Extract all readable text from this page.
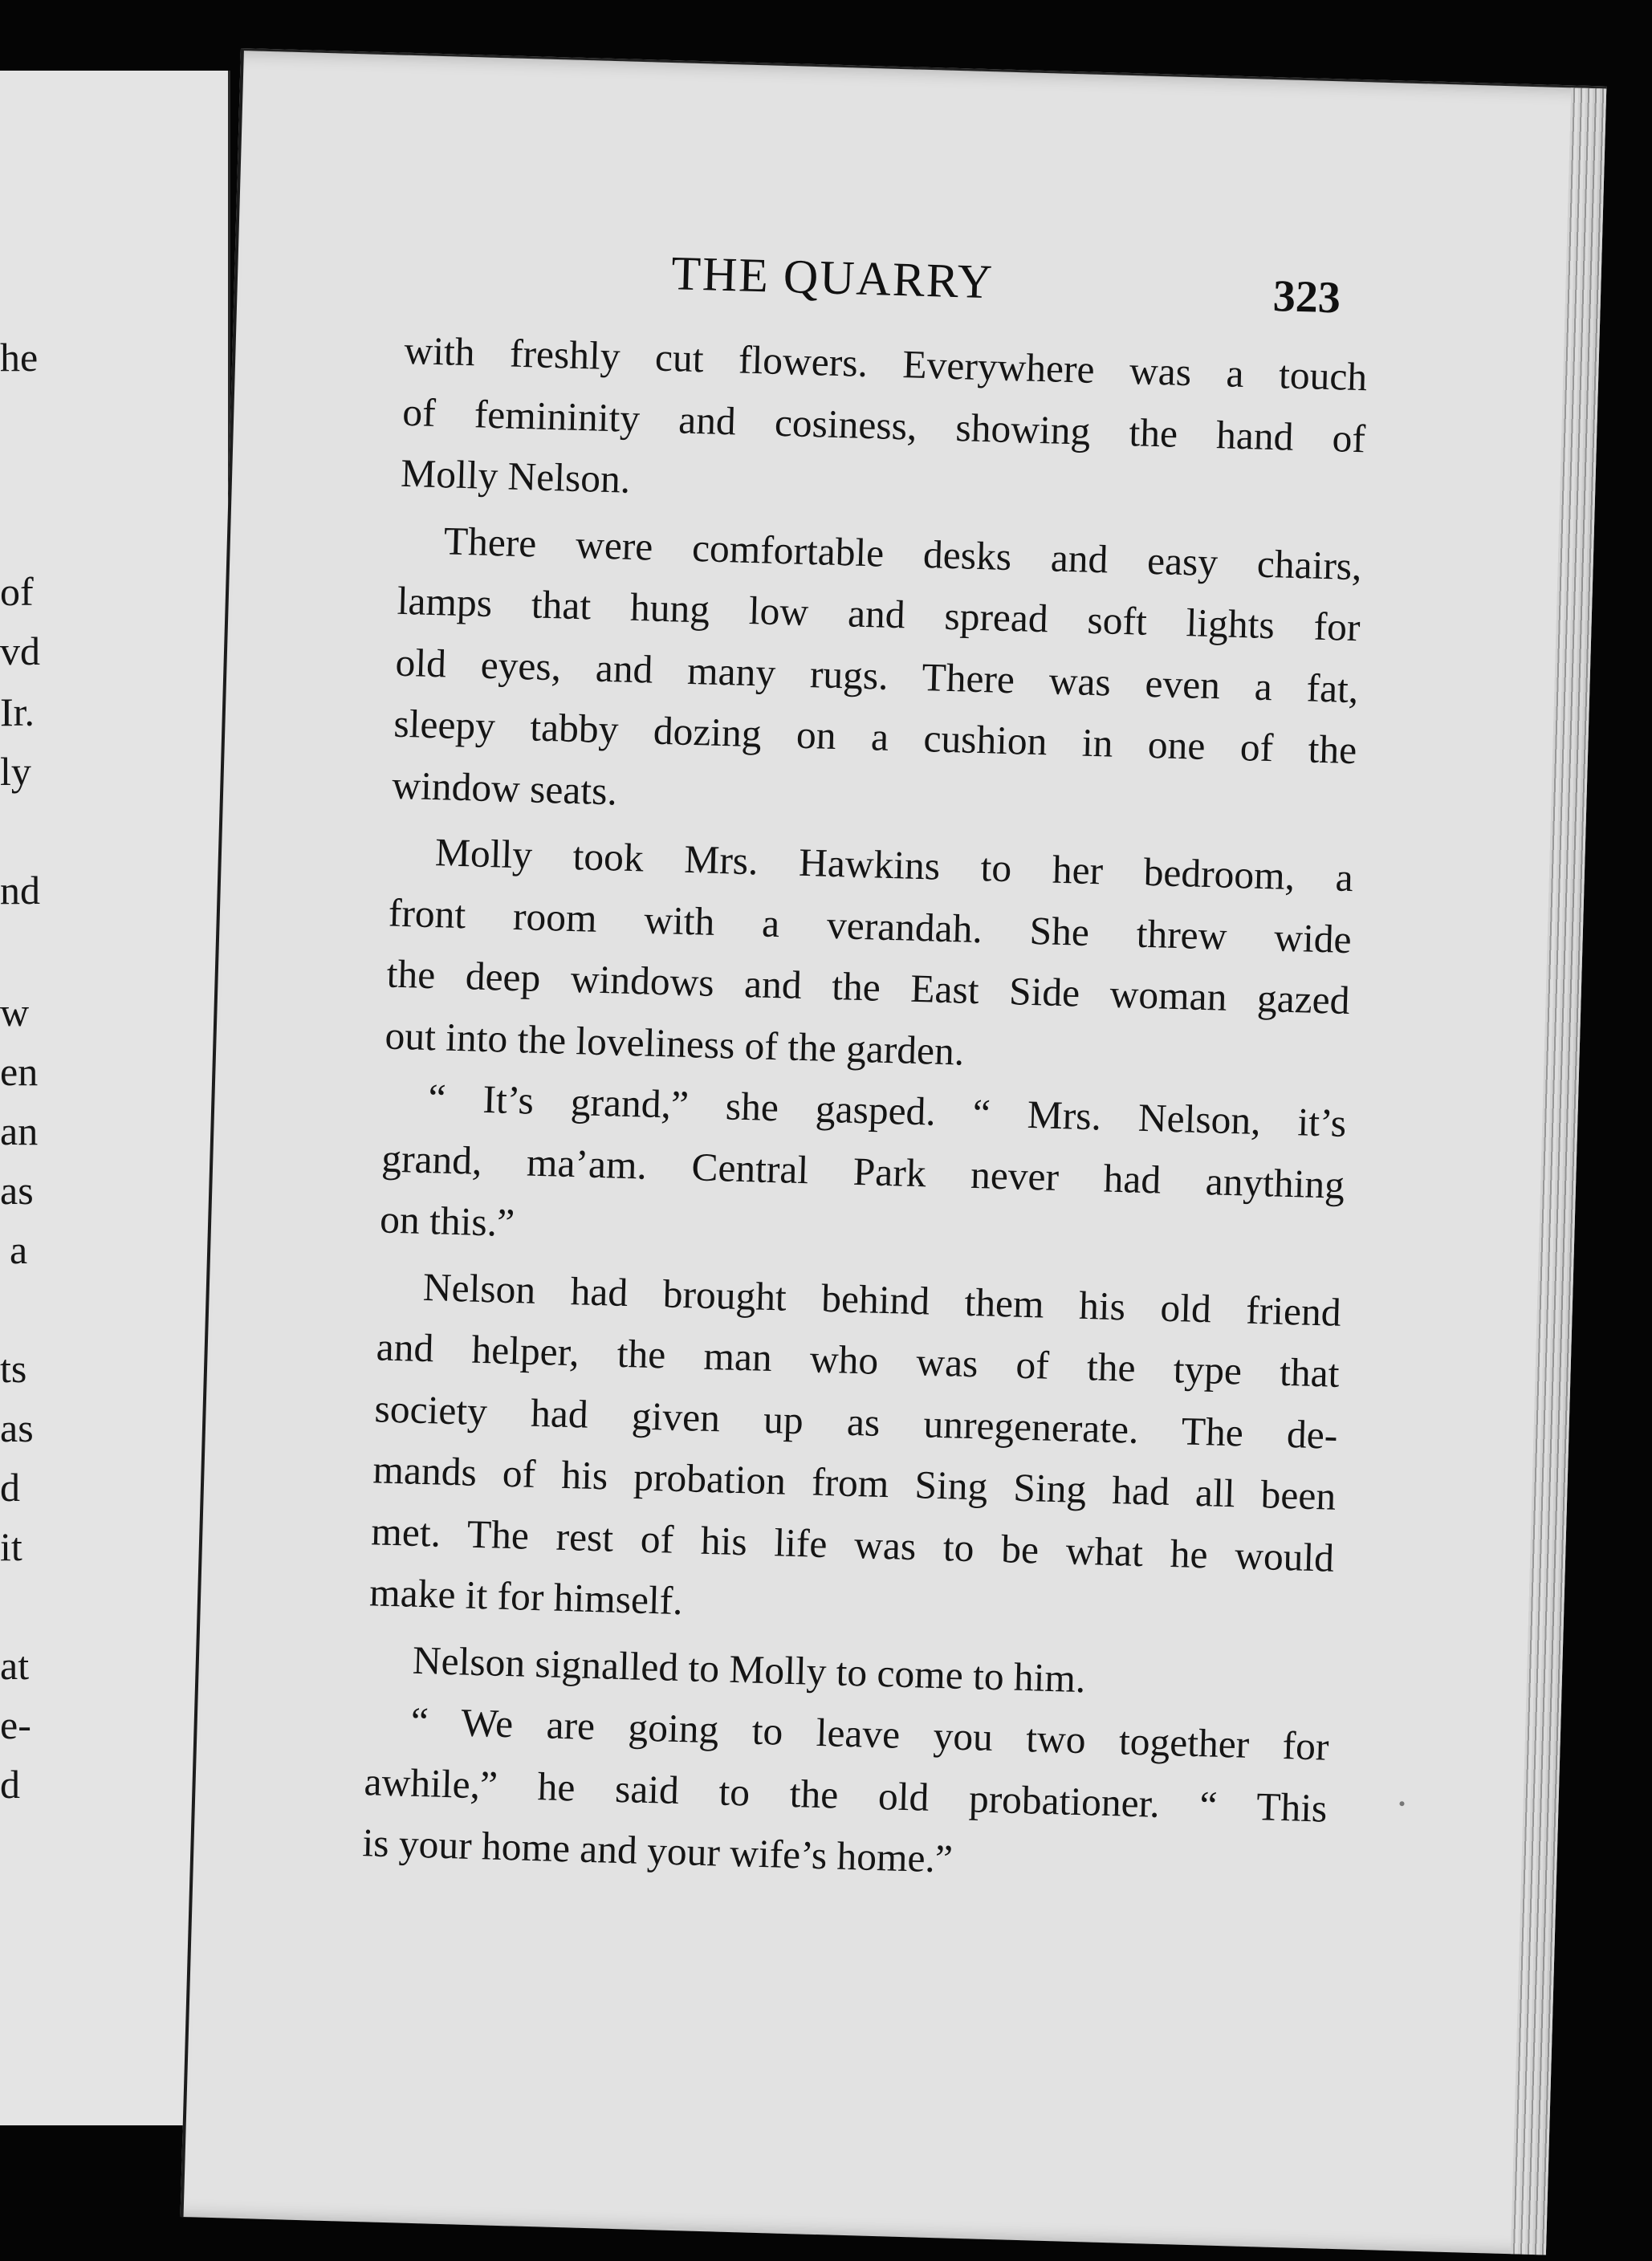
he
of
vd
Ir.
ly
nd
w
en
an
as
a
ts
as
d
it
at
e-
d
THE QUARRY	323
with freshly cut flowers. Everywhere was a touch
of femininity and cosiness, showing the hand of
Molly Nelson.
There were comfortable desks and easy chairs,
lamps that hung low and spread soft lights for
old eyes, and many rugs. There was even a fat,
sleepy tabby dozing on a cushion in one of the
window seats.
Molly took Mrs. Hawkins to her bedroom, a
front room with a verandah. She threw wide
the deep windows and the East Side woman gazed
out into the loveliness of the garden.
“ It’s grand,” she gasped. “ Mrs. Nelson, it’s
grand, ma’am. Central Park never had anything
on this.”
Nelson had brought behind them his old friend
and helper, the man who was of the type that
society had given up as unregenerate. The de-
mands of his probation from Sing Sing had all been
met. The rest of his life was to be what he would
make it for himself.
Nelson signalled to Molly to come to him.
“ We are going to leave you two together for
awhile,” he said to the old probationer. “ This
is your home and your wife’s home.”
